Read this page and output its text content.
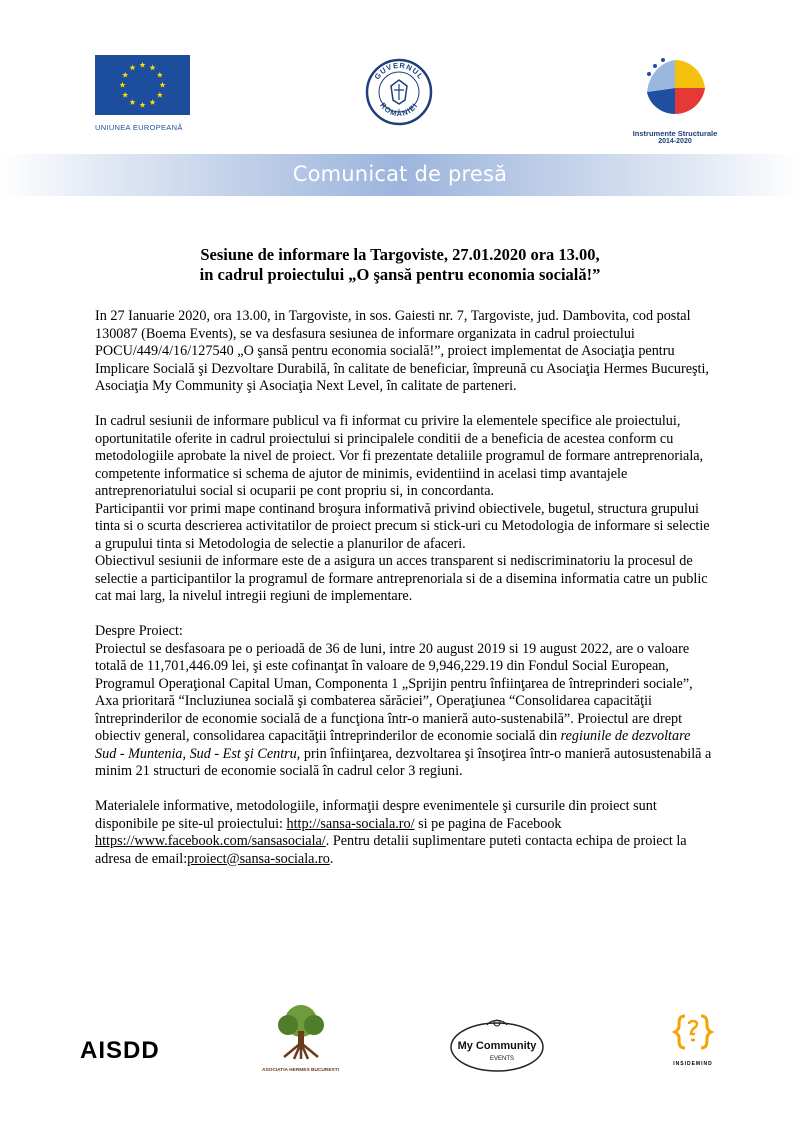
UNIUNEA EUROPEANĂ
GUVERNUL
ROMÂNIEI
Instrumente Structurale
2014-2020
Comunicat de presă
Sesiune de informare la Targoviste, 27.01.2020 ora 13.00,
in cadrul proiectului „O şansă pentru economia socială!”

In 27 Ianuarie 2020, ora 13.00, in Targoviste, in sos. Gaiesti nr. 7, Targoviste, jud. Dambovita, cod postal 130087 (Boema Events), se va desfasura sesiunea de informare organizata in cadrul proiectului POCU/449/4/16/127540 „O şansă pentru economia socială!”, proiect implementat de Asociaţia pentru Implicare Socială şi Dezvoltare Durabilă, în calitate de beneficiar, împreună cu Asociaţia Hermes Bucureşti, Asociaţia My Community şi Asociaţia Next Level, în calitate de parteneri.

In cadrul sesiunii de informare publicul va fi informat cu privire la elementele specifice ale proiectului, oportunitatile oferite in cadrul proiectului si principalele conditii de a beneficia de acestea conform cu metodologiile aprobate la nivel de proiect. Vor fi prezentate detaliile programul de formare antreprenoriala, competente informatice si schema de ajutor de minimis, evidentiind in acelasi timp avantajele antreprenoriatului social si ocuparii pe cont propriu si, in concordanta.

Participantii vor primi mape continand broşura informativă privind obiectivele, bugetul, structura grupului tinta si o scurta descrierea activitatilor de proiect precum si stick-uri cu Metodologia de informare si selectie a grupului tinta si Metodologia de selectie a planurilor de afaceri.

Obiectivul sesiunii de informare este de a asigura un acces transparent si nediscriminatoriu la procesul de selectie a participantilor la programul de formare antreprenoriala si de a disemina informatia catre un public cat mai larg, la nivelul intregii regiuni de implementare.

Despre Proiect:

Proiectul se desfasoara pe o perioadă de 36 de luni, intre 20 august 2019 si 19 august 2022, are o valoare totală de 11,701,446.09 lei, şi este cofinanţat în valoare de 9,946,229.19 din Fondul Social European, Programul Operaţional Capital Uman, Componenta 1 „Sprijin pentru înfiinţarea de întreprinderi sociale”, Axa prioritară “Incluziunea socială şi combaterea sărăciei”, Operaţiunea “Consolidarea capacităţii întreprinderilor de economie socială de a funcţiona într-o manieră auto-sustenabilă”. Proiectul are drept obiectiv general, consolidarea capacităţii întreprinderilor de economie socială din regiunile de dezvoltare Sud - Muntenia, Sud - Est şi Centru, prin înfiinţarea, dezvoltarea şi însoţirea într-o manieră autosustenabilă a minim 21 structuri de economie socială în cadrul celor 3 regiuni.

Materialele informative, metodologiile, informaţii despre evenimentele şi cursurile din proiect sunt disponibile pe site-ul proiectului: http://sansa-sociala.ro/ si pe pagina de Facebook https://www.facebook.com/sansasociala/. Pentru detalii suplimentare puteti contacta echipa de proiect la adresa de email:proiect@sansa-sociala.ro.

AISDD
ASOCIATIA HERMES BUCURESTI
My Community
EVENTS
INSIDEMIND
